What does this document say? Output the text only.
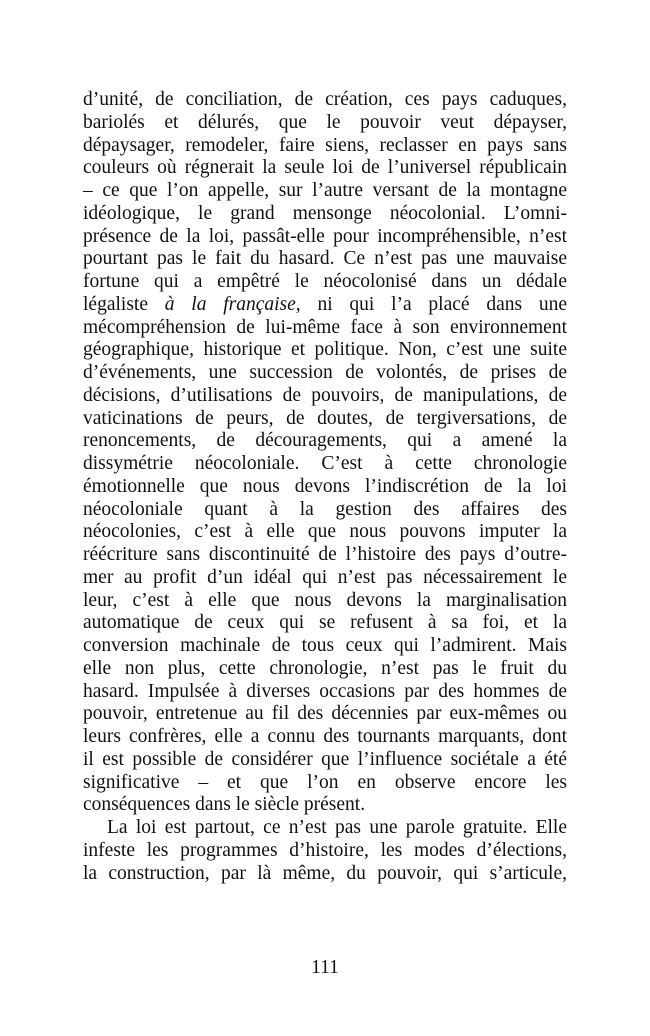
d’unité, de conciliation, de création, ces pays caduques,
bariolés et délurés, que le pouvoir veut dépayser,
dépaysager, remodeler, faire siens, reclasser en pays sans
couleurs où régnerait la seule loi de l’universel républicain
– ce que l’on appelle, sur l’autre versant de la montagne
idéologique, le grand mensonge néocolonial. L’omni-
présence de la loi, passât-elle pour incompréhensible, n’est
pourtant pas le fait du hasard. Ce n’est pas une mauvaise
fortune qui a empêtré le néocolonisé dans un dédale
légaliste à la française, ni qui l’a placé dans une
mécompréhension de lui-même face à son environnement
géographique, historique et politique. Non, c’est une suite
d’événements, une succession de volontés, de prises de
décisions, d’utilisations de pouvoirs, de manipulations, de
vaticinations de peurs, de doutes, de tergiversations, de
renoncements, de découragements, qui a amené la
dissymétrie néocoloniale. C’est à cette chronologie
émotionnelle que nous devons l’indiscrétion de la loi
néocoloniale quant à la gestion des affaires des
néocolonies, c’est à elle que nous pouvons imputer la
réécriture sans discontinuité de l’histoire des pays d’outre-
mer au profit d’un idéal qui n’est pas nécessairement le
leur, c’est à elle que nous devons la marginalisation
automatique de ceux qui se refusent à sa foi, et la
conversion machinale de tous ceux qui l’admirent. Mais
elle non plus, cette chronologie, n’est pas le fruit du
hasard. Impulsée à diverses occasions par des hommes de
pouvoir, entretenue au fil des décennies par eux-mêmes ou
leurs confrères, elle a connu des tournants marquants, dont
il est possible de considérer que l’influence sociétale a été
significative – et que l’on en observe encore les
conséquences dans le siècle présent.
La loi est partout, ce n’est pas une parole gratuite. Elle
infeste les programmes d’histoire, les modes d’élections,
la construction, par là même, du pouvoir, qui s’articule,
111
